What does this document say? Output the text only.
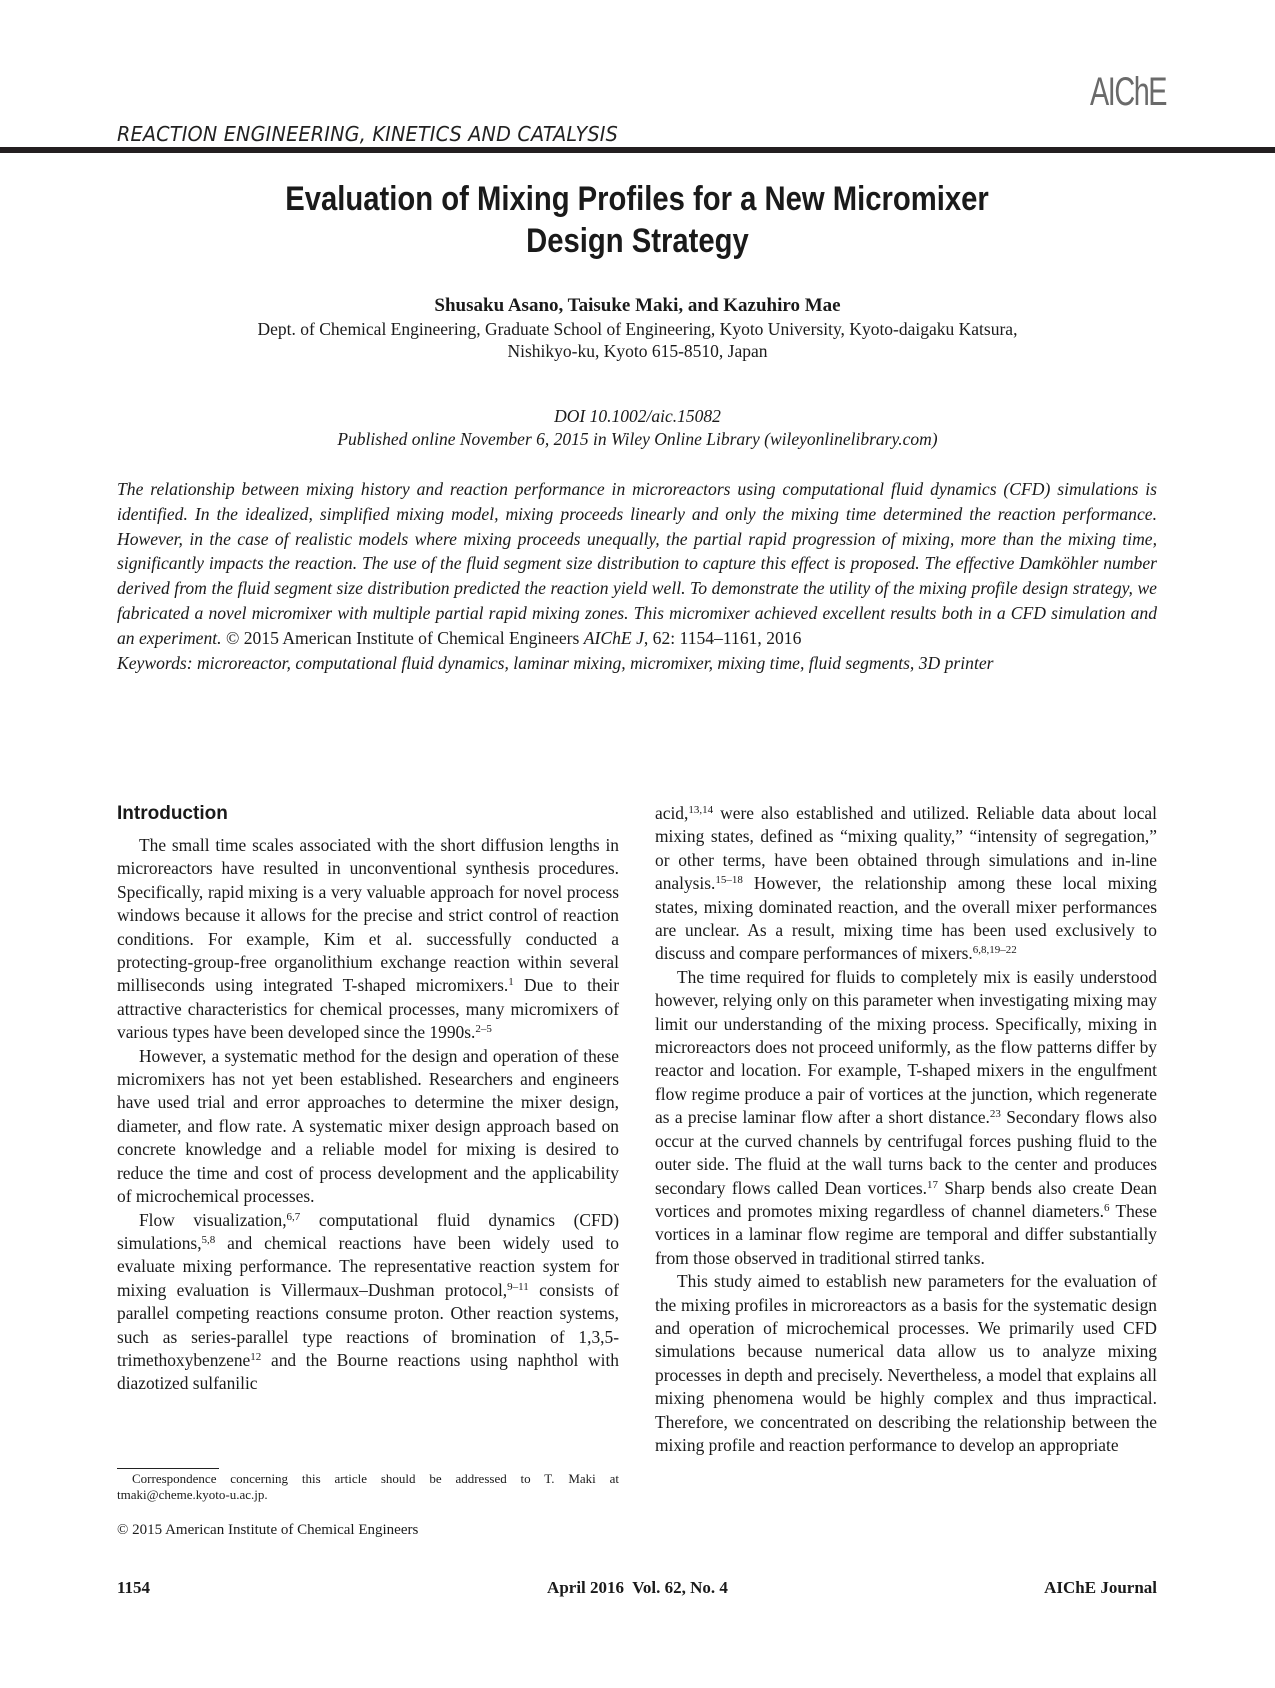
AIChE
REACTION ENGINEERING, KINETICS AND CATALYSIS
Evaluation of Mixing Profiles for a New Micromixer
Design Strategy
Shusaku Asano, Taisuke Maki, and Kazuhiro Mae
Dept. of Chemical Engineering, Graduate School of Engineering, Kyoto University, Kyoto-daigaku Katsura,
Nishikyo-ku, Kyoto 615-8510, Japan
DOI 10.1002/aic.15082
Published online November 6, 2015 in Wiley Online Library (wileyonlinelibrary.com)
The relationship between mixing history and reaction performance in microreactors using computational fluid dynamics (CFD) simulations is identified. In the idealized, simplified mixing model, mixing proceeds linearly and only the mixing time determined the reaction performance. However, in the case of realistic models where mixing proceeds unequally, the partial rapid progression of mixing, more than the mixing time, significantly impacts the reaction. The use of the fluid segment size distribution to capture this effect is proposed. The effective Damköhler number derived from the fluid segment size distribution predicted the reaction yield well. To demonstrate the utility of the mixing profile design strategy, we fabricated a novel micromixer with multiple partial rapid mixing zones. This micromixer achieved excellent results both in a CFD simulation and an experiment. © 2015 American Institute of Chemical Engineers AIChE J, 62: 1154–1161, 2016
Keywords: microreactor, computational fluid dynamics, laminar mixing, micromixer, mixing time, fluid segments, 3D printer
Introduction

The small time scales associated with the short diffusion lengths in microreactors have resulted in unconventional synthesis procedures. Specifically, rapid mixing is a very valuable approach for novel process windows because it allows for the precise and strict control of reaction conditions. For example, Kim et al. successfully conducted a protecting-group-free organolithium exchange reaction within several milliseconds using integrated T-shaped micromixers.$^1$ Due to their attractive characteristics for chemical processes, many micromixers of various types have been developed since the 1990s.$^{2-5}$

However, a systematic method for the design and operation of these micromixers has not yet been established. Researchers and engineers have used trial and error approaches to determine the mixer design, diameter, and flow rate. A systematic mixer design approach based on concrete knowledge and a reliable model for mixing is desired to reduce the time and cost of process development and the applicability of microchemical processes.

Flow visualization,$^{6,7}$ computational fluid dynamics (CFD) simulations,$^{5,8}$ and chemical reactions have been widely used to evaluate mixing performance. The representative reaction system for mixing evaluation is Villermaux–Dushman protocol,$^{9-11}$ consists of parallel competing reactions consume proton. Other reaction systems, such as series-parallel type reactions of bromination of 1,3,5-trimethoxybenzene$^{12}$ and the Bourne reactions using naphthol with diazotized sulfanilic

acid,$^{13,14}$ were also established and utilized. Reliable data about local mixing states, defined as “mixing quality,” “intensity of segregation,” or other terms, have been obtained through simulations and in-line analysis.$^{15-18}$ However, the relationship among these local mixing states, mixing dominated reaction, and the overall mixer performances are unclear. As a result, mixing time has been used exclusively to discuss and compare performances of mixers.$^{6,8,19-22}$

The time required for fluids to completely mix is easily understood however, relying only on this parameter when investigating mixing may limit our understanding of the mixing process. Specifically, mixing in microreactors does not proceed uniformly, as the flow patterns differ by reactor and location. For example, T-shaped mixers in the engulfment flow regime produce a pair of vortices at the junction, which regenerate as a precise laminar flow after a short distance.$^{23}$ Secondary flows also occur at the curved channels by centrifugal forces pushing fluid to the outer side. The fluid at the wall turns back to the center and produces secondary flows called Dean vortices.$^{17}$ Sharp bends also create Dean vortices and promotes mixing regardless of channel diameters.$^6$ These vortices in a laminar flow regime are temporal and differ substantially from those observed in traditional stirred tanks.

This study aimed to establish new parameters for the evaluation of the mixing profiles in microreactors as a basis for the systematic design and operation of microchemical processes. We primarily used CFD simulations because numerical data allow us to analyze mixing processes in depth and precisely. Nevertheless, a model that explains all mixing phenomena would be highly complex and thus impractical. Therefore, we concentrated on describing the relationship between the mixing profile and reaction performance to develop an appropriate

Correspondence concerning this article should be addressed to T. Maki at tmaki@cheme.kyoto-u.ac.jp.
© 2015 American Institute of Chemical Engineers
1154	April 2016  Vol. 62, No. 4	AIChE Journal
